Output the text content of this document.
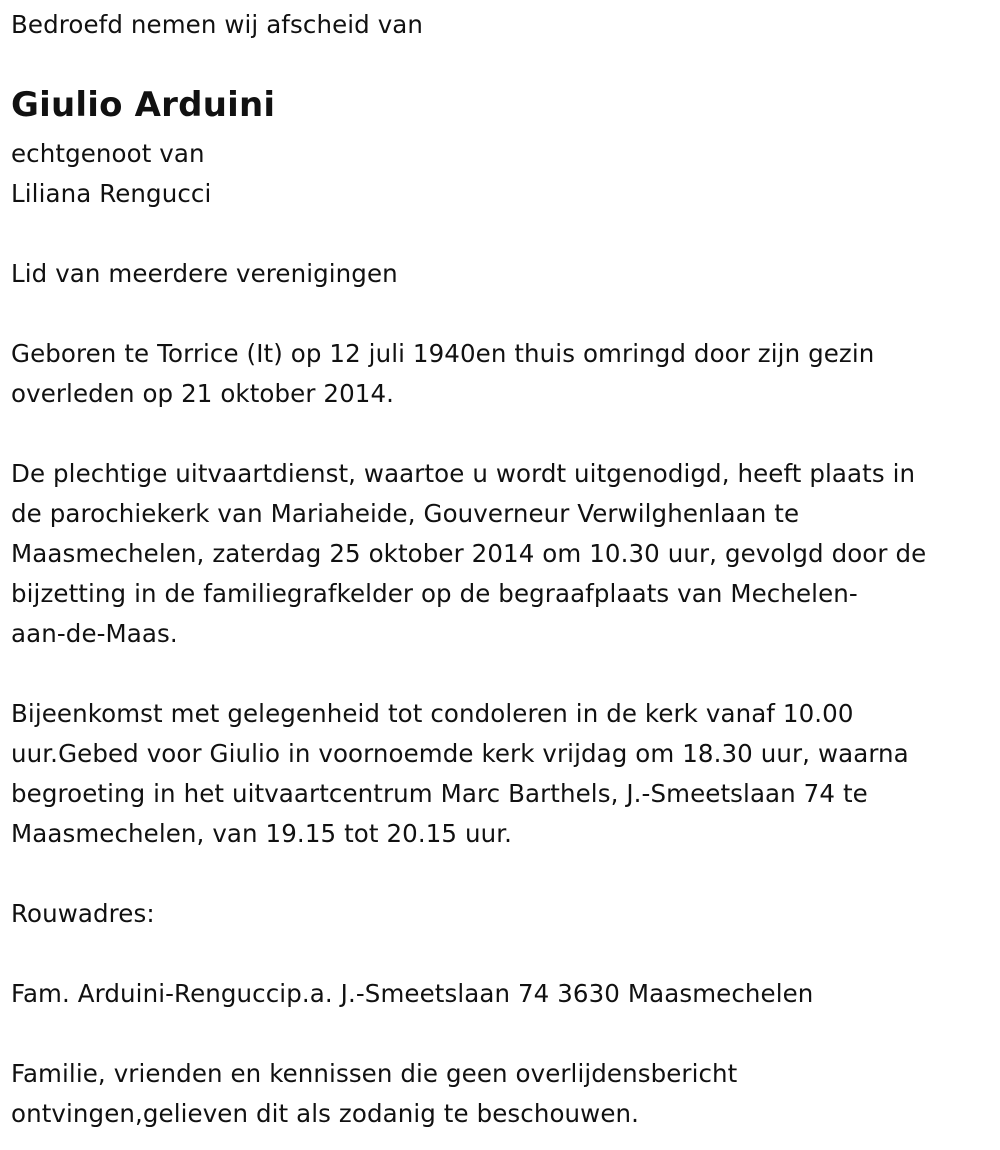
Bedroefd nemen wij afscheid van
Giulio Arduini
echtgenoot van
Liliana Rengucci
Lid van meerdere verenigingen
Geboren te Torrice (It) op 12 juli 1940en thuis omringd door zijn gezin
overleden op 21 oktober 2014.
De plechtige uitvaartdienst, waartoe u wordt uitgenodigd, heeft plaats in
de parochiekerk van Mariaheide, Gouverneur Verwilghenlaan te
Maasmechelen, zaterdag 25 oktober 2014 om 10.30 uur, gevolgd door de
bijzetting in de familiegrafkelder op de begraafplaats van Mechelen-
aan-de-Maas.
Bijeenkomst met gelegenheid tot condoleren in de kerk vanaf 10.00
uur.Gebed voor Giulio in voornoemde kerk vrijdag om 18.30 uur, waarna
begroeting in het uitvaartcentrum Marc Barthels, J.-Smeetslaan 74 te
Maasmechelen, van 19.15 tot 20.15 uur.
Rouwadres:
Fam. Arduini-Renguccip.a. J.-Smeetslaan 74 3630 Maasmechelen
Familie, vrienden en kennissen die geen overlijdensbericht
ontvingen,gelieven dit als zodanig te beschouwen.
